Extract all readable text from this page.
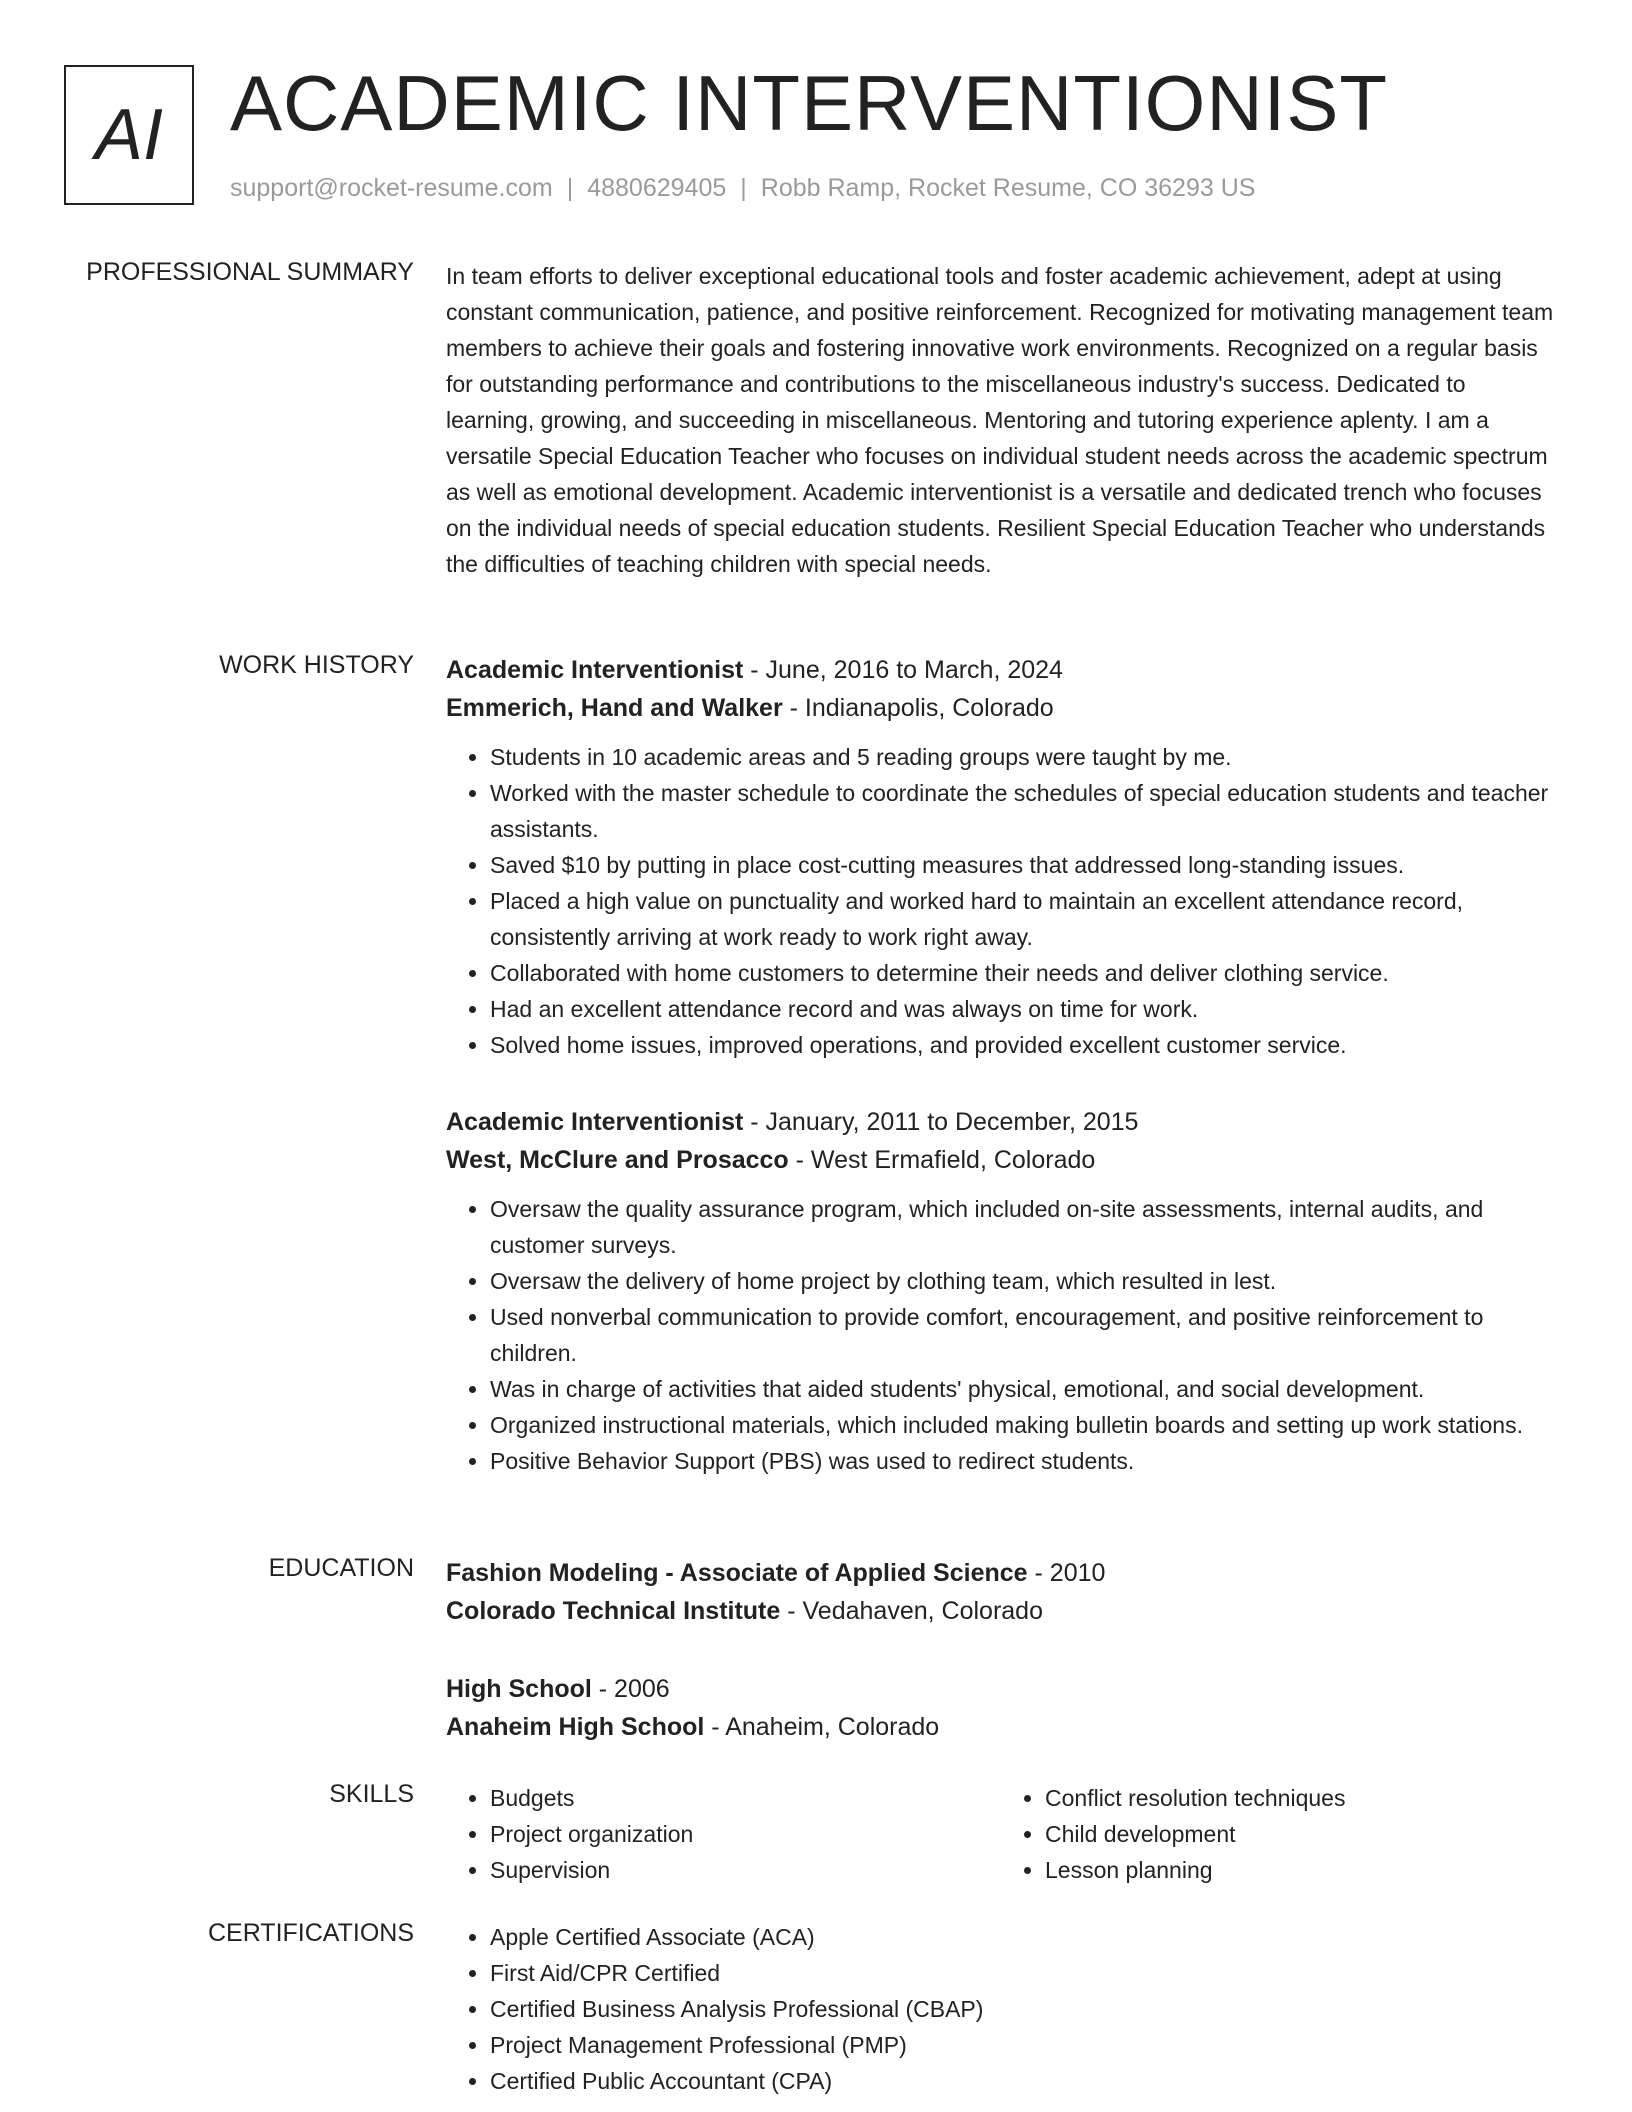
AI ACADEMIC INTERVENTIONIST
support@rocket-resume.com | 4880629405 | Robb Ramp, Rocket Resume, CO 36293 US
PROFESSIONAL SUMMARY In team efforts to deliver exceptional educational tools and foster academic achievement, adept at using constant communication, patience, and positive reinforcement. Recognized for motivating management team members to achieve their goals and fostering innovative work environments. Recognized on a regular basis for outstanding performance and contributions to the miscellaneous industry's success. Dedicated to learning, growing, and succeeding in miscellaneous. Mentoring and tutoring experience aplenty. I am a versatile Special Education Teacher who focuses on individual student needs across the academic spectrum as well as emotional development. Academic interventionist is a versatile and dedicated trench who focuses on the individual needs of special education students. Resilient Special Education Teacher who understands the difficulties of teaching children with special needs.

WORK HISTORY Academic Interventionist - June, 2016 to March, 2024
Emmerich, Hand and Walker - Indianapolis, Colorado
• Students in 10 academic areas and 5 reading groups were taught by me.
• Worked with the master schedule to coordinate the schedules of special education students and teacher assistants.
• Saved $10 by putting in place cost-cutting measures that addressed long-standing issues.
• Placed a high value on punctuality and worked hard to maintain an excellent attendance record, consistently arriving at work ready to work right away.
• Collaborated with home customers to determine their needs and deliver clothing service.
• Had an excellent attendance record and was always on time for work.
• Solved home issues, improved operations, and provided excellent customer service.
Academic Interventionist - January, 2011 to December, 2015
West, McClure and Prosacco - West Ermafield, Colorado
• Oversaw the quality assurance program, which included on-site assessments, internal audits, and customer surveys.
• Oversaw the delivery of home project by clothing team, which resulted in lest.
• Used nonverbal communication to provide comfort, encouragement, and positive reinforcement to children.
• Was in charge of activities that aided students' physical, emotional, and social development.
• Organized instructional materials, which included making bulletin boards and setting up work stations.
• Positive Behavior Support (PBS) was used to redirect students.
EDUCATION Fashion Modeling - Associate of Applied Science - 2010
Colorado Technical Institute - Vedahaven, Colorado
High School - 2006
Anaheim High School - Anaheim, Colorado
SKILLS	• Budgets
• Project organization
• Supervision
• Conflict resolution techniques
• Child development
• Lesson planning
CERTIFICATIONS	• Apple Certified Associate (ACA)
• First Aid/CPR Certified
• Certified Business Analysis Professional (CBAP)
• Project Management Professional (PMP)
• Certified Public Accountant (CPA)
